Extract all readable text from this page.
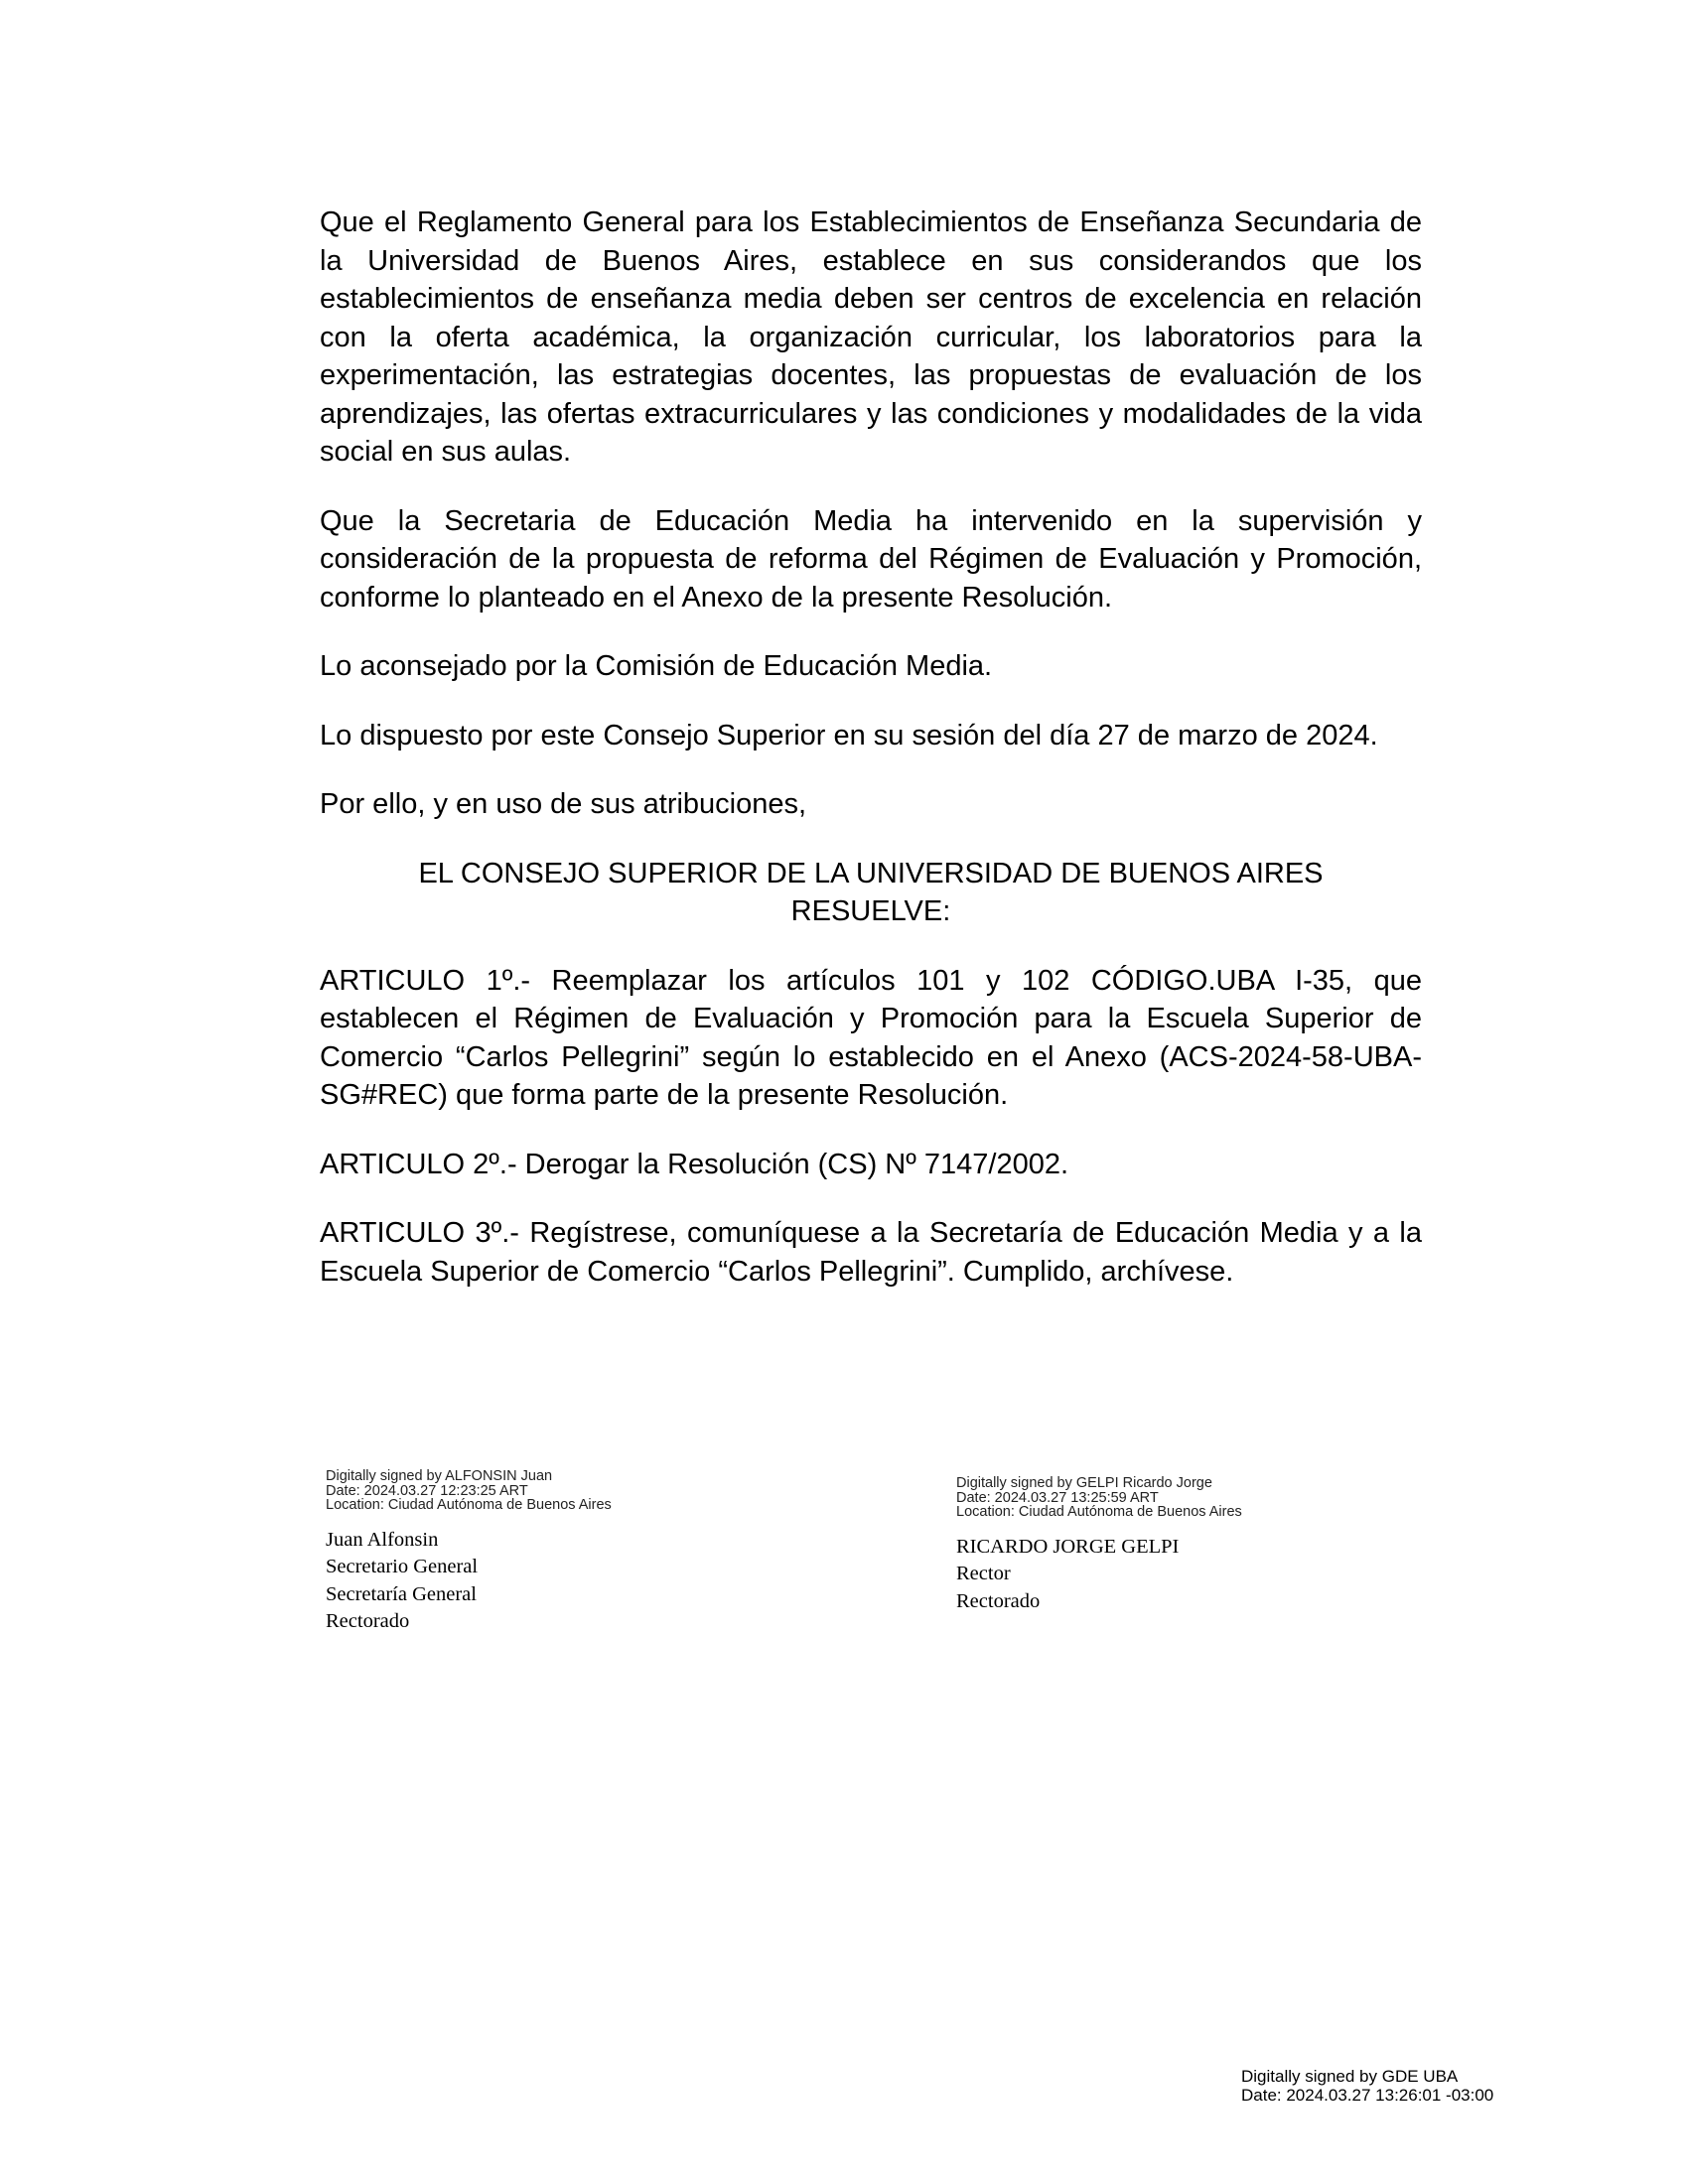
Que el Reglamento General para los Establecimientos de Enseñanza Secundaria de la Universidad de Buenos Aires, establece en sus considerandos que los establecimientos de enseñanza media deben ser centros de excelencia en relación con la oferta académica, la organización curricular, los laboratorios para la experimentación, las estrategias docentes, las propuestas de evaluación de los aprendizajes, las ofertas extracurriculares y las condiciones y modalidades de la vida social en sus aulas.

Que la Secretaria de Educación Media ha intervenido en la supervisión y consideración de la propuesta de reforma del Régimen de Evaluación y Promoción, conforme lo planteado en el Anexo de la presente Resolución.

Lo aconsejado por la Comisión de Educación Media.

Lo dispuesto por este Consejo Superior en su sesión del día 27 de marzo de 2024.

Por ello, y en uso de sus atribuciones,

EL CONSEJO SUPERIOR DE LA UNIVERSIDAD DE BUENOS AIRES
RESUELVE:

ARTICULO 1º.- Reemplazar los artículos 101 y 102 CÓDIGO.UBA I-35, que establecen el Régimen de Evaluación y Promoción para la Escuela Superior de Comercio “Carlos Pellegrini” según lo establecido en el Anexo (ACS-2024-58-UBA-SG#REC) que forma parte de la presente Resolución.

ARTICULO 2º.- Derogar la Resolución (CS) Nº 7147/2002.

ARTICULO 3º.- Regístrese, comuníquese a la Secretaría de Educación Media y a la Escuela Superior de Comercio “Carlos Pellegrini”. Cumplido, archívese.

Digitally signed by ALFONSIN Juan
Date: 2024.03.27 12:23:25 ART
Location: Ciudad Autónoma de Buenos Aires
Juan Alfonsin
Secretario General
Secretaría General
Rectorado
Digitally signed by GELPI Ricardo Jorge
Date: 2024.03.27 13:25:59 ART
Location: Ciudad Autónoma de Buenos Aires
RICARDO JORGE GELPI
Rector
Rectorado
Digitally signed by GDE UBA
Date: 2024.03.27 13:26:01 -03:00
